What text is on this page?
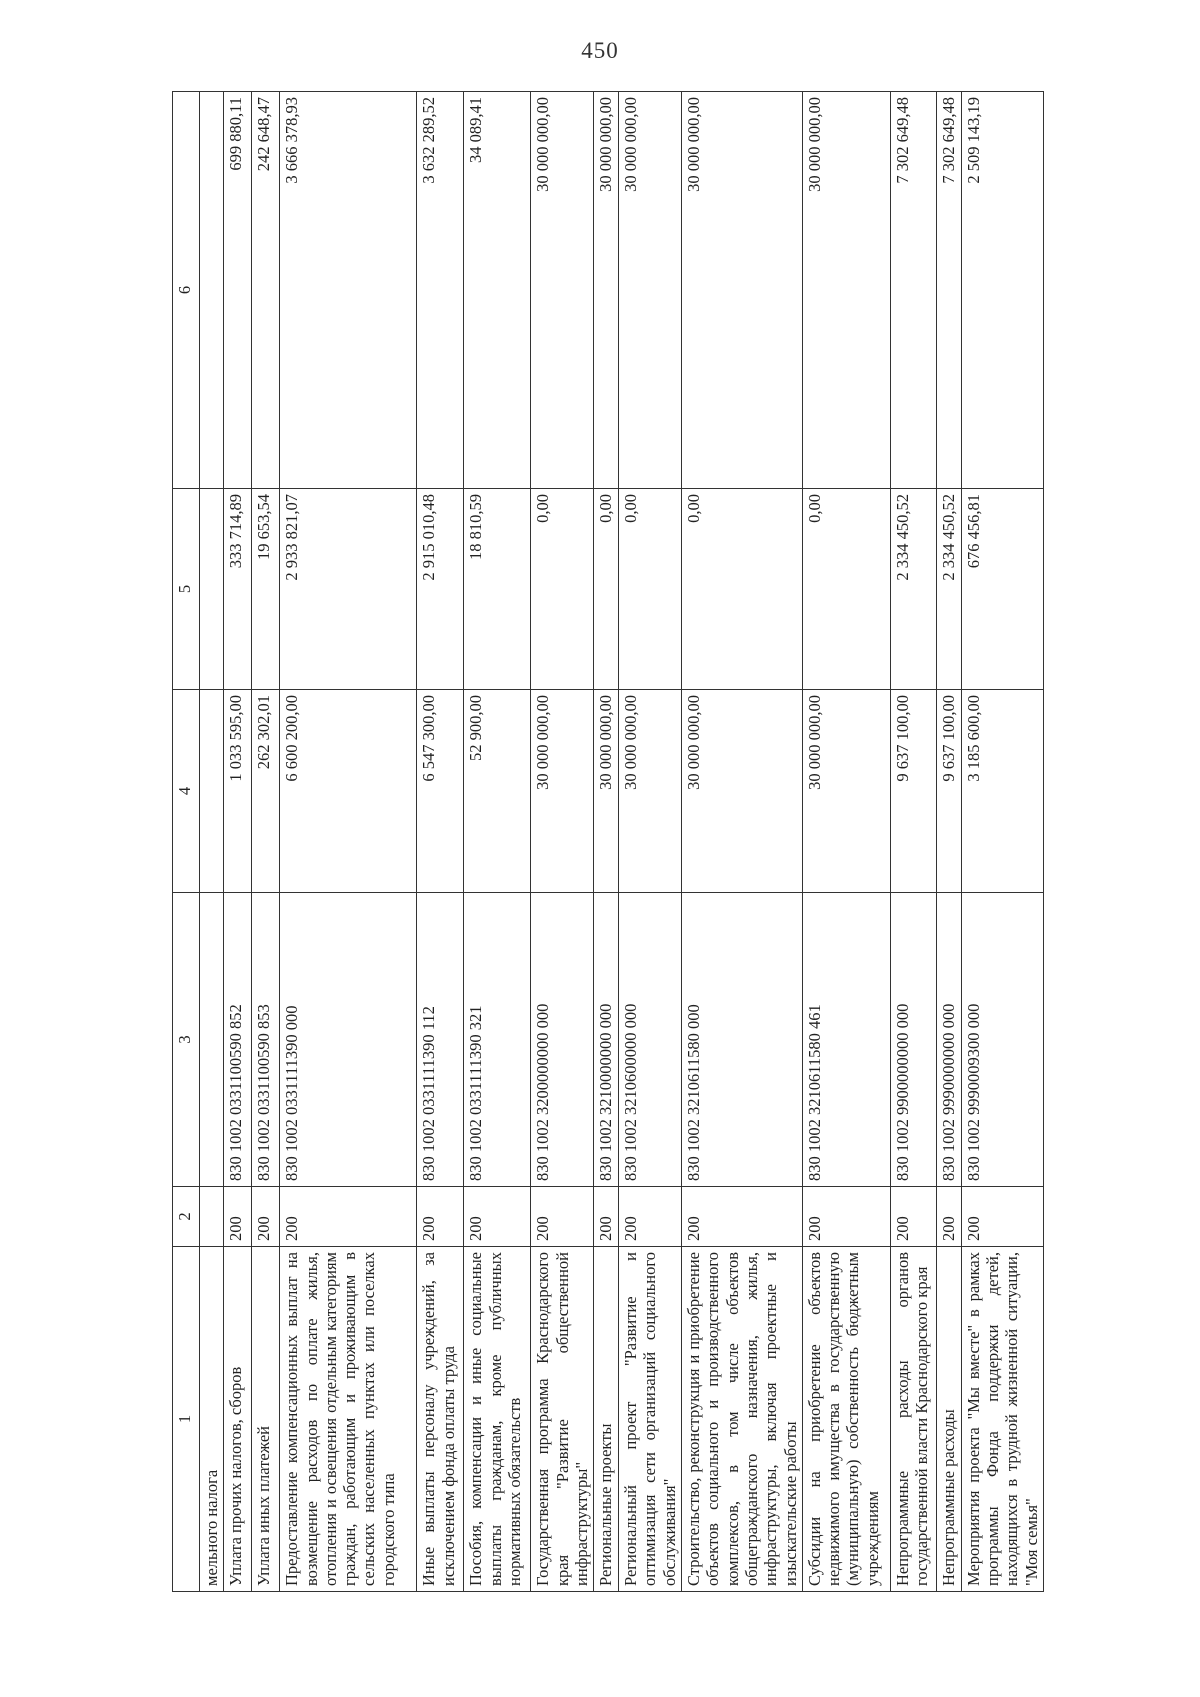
450
1	2	3	4	5	6
мельного налога					
Уплата прочих налогов, сборов	200	830 1002 0331100590 852	1 033 595,00	333 714,89	699 880,11
Уплата иных платежей	200	830 1002 0331100590 853	262 302,01	19 653,54	242 648,47
Предоставление компенсационных выплат на возмещение расходов по оплате жилья, отопления и освещения отдельным категориям граждан, работающим и проживающим в сельских населенных пунктах или поселках городского типа	200	830 1002 0331111390 000	6 600 200,00	2 933 821,07	3 666 378,93
Иные выплаты персоналу учреждений, за исключением фонда оплаты труда	200	830 1002 0331111390 112	6 547 300,00	2 915 010,48	3 632 289,52
Пособия, компенсации и иные социальные выплаты гражданам, кроме публичных нормативных обязательств	200	830 1002 0331111390 321	52 900,00	18 810,59	34 089,41
Государственная программа Краснодарского края "Развитие общественной инфраструктуры"	200	830 1002 3200000000 000	30 000 000,00	0,00	30 000 000,00
Региональные проекты	200	830 1002 3210000000 000	30 000 000,00	0,00	30 000 000,00
Региональный проект "Развитие и оптимизация сети организаций социального обслуживания"	200	830 1002 3210600000 000	30 000 000,00	0,00	30 000 000,00
Строительство, реконструкция и приобретение объектов социального и производственного комплексов, в том числе объектов общегражданского назначения, жилья, инфраструктуры, включая проектные и изыскательские работы	200	830 1002 3210611580 000	30 000 000,00	0,00	30 000 000,00
Субсидии на приобретение объектов недвижимого имущества в государственную (муниципальную) собственность бюджетным учреждениям	200	830 1002 3210611580 461	30 000 000,00	0,00	30 000 000,00
Непрограммные расходы органов государственной власти Краснодарского края	200	830 1002 9900000000 000	9 637 100,00	2 334 450,52	7 302 649,48
Непрограммные расходы	200	830 1002 9990000000 000	9 637 100,00	2 334 450,52	7 302 649,48
Мероприятия проекта "Мы вместе" в рамках программы Фонда поддержки детей, находящихся в трудной жизненной ситуации, "Моя семья"	200	830 1002 9990009300 000	3 185 600,00	676 456,81	2 509 143,19
